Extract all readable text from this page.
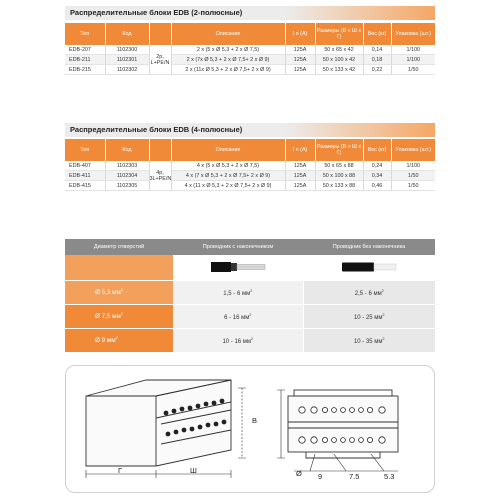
Распределительные блоки EDB (2-полюсные)
Тип	Код		Описание	I n (A)	Размеры (В х Ш х Г)	Вес (кг)	Упаковка (шт.)
EDB-207	1102300	2р, L+PE/N	2 х (5 х Ø 5,3 + 2 х Ø 7,5)	125А	50 х 65 х 42	0,14	1/100
EDB-211	1102301		2 х (7х Ø 5,3 + 2 х Ø 7,5+ 2 х Ø 9)	125А	50 х 100 х 42	0,18	1/100
EDB-215	1102302		2 х (11х Ø 5,3 + 2 х Ø 7,5+ 2 х Ø 9)	125А	50 х 133 х 42	0,22	1/50
Распределительные блоки EDB (4-полюсные)
Тип	Код		Описание	I n (A)	Размеры (В х Ш х Г)	Вес (кг)	Упаковка (шт.)
EDB-407	1102303	4р, 3L+PE/N	4 х (5 х Ø 5,3 + 2 х Ø 7,5)	125А	50 х 65 х 88	0,24	1/100
EDB-411	1102304		4 х (7 х Ø 5,3 + 2 х Ø 7,5+ 2 х Ø 9)	125А	50 х 100 х 88	0,34	1/50
EDB-415	1102305		4 х (11 х Ø 5,3 + 2 х Ø 7,5+ 2 х Ø 9)	125А	50 х 133 х 88	0,46	1/50
Диаметр отверстий	Проводник с наконечником	Проводник без наконечника

Ø 5,3 $мм^2$	1,5 - 6 $мм^2$	2,5 - 6 $мм^2$
Ø 7,5 $мм^2$	6 - 16 $мм^2$	10 - 25 $мм^2$
Ø 9 $мм^2$	10 - 16 $мм^2$	10 - 35 $мм^2$
В
Г	Ш	Ø 9	7.5	5.3
